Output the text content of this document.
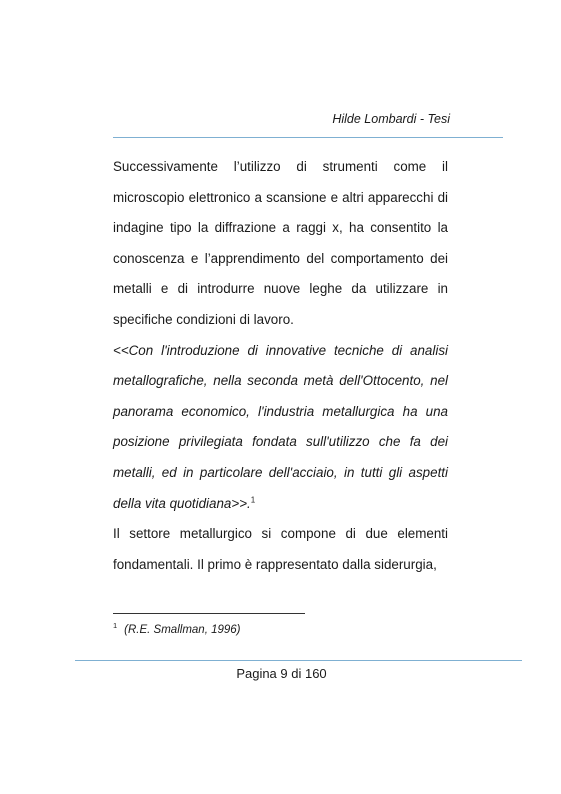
Hilde Lombardi - Tesi

Successivamente l’utilizzo di strumenti come il microscopio elettronico a scansione e altri apparecchi di indagine tipo la diffrazione a raggi x, ha consentito la conoscenza e l’apprendimento del comportamento dei metalli e di introdurre nuove leghe da utilizzare in specifiche condizioni di lavoro.

<<Con l'introduzione di innovative tecniche di analisi metallografiche, nella seconda metà dell'Ottocento, nel panorama economico, l'industria metallurgica ha una posizione privilegiata fondata sull'utilizzo che fa dei metalli, ed in particolare dell'acciaio, in tutti gli aspetti della vita quotidiana>>.$^1$

Il settore metallurgico si compone di due elementi fondamentali. Il primo è rappresentato dalla siderurgia,

$^1$ (R.E. Smallman, 1996)
Pagina 9 di 160
